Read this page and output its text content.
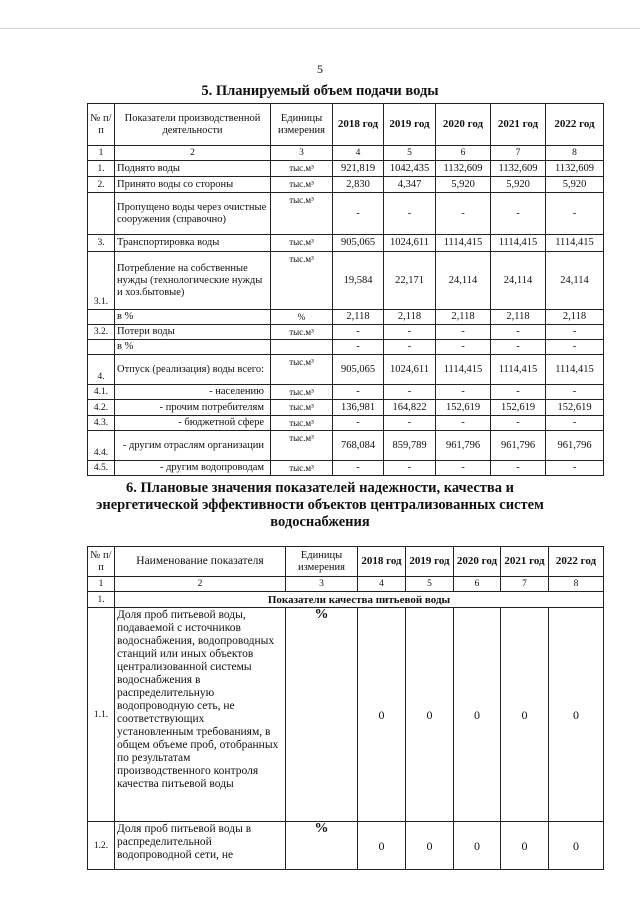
5
5. Планируемый объем подачи воды
№ п/п	Показатели производственной деятельности	Единицы измерения	2018 год	2019 год	2020 год	2021 год	2022 год
1	2	3	4	5	6	7	8
1.	Поднято воды	тыс.м³	921,819	1042,435	1132,609	1132,609	1132,609
2.	Принято воды со стороны	тыс.м³	2,830	4,347	5,920	5,920	5,920
	Пропущено воды через очистные сооружения (справочно)	тыс.м³	-	-	-	-	-
3.	Транспортировка воды	тыс.м³	905,065	1024,611	1114,415	1114,415	1114,415
3.1.	Потребление на собственные нужды (технологические нужды и хоз.бытовые)	тыс.м³	19,584	22,171	24,114	24,114	24,114
	в %	%	2,118	2,118	2,118	2,118	2,118
3.2.	Потери воды	тыс.м³	-	-	-	-	-
	в %		-	-	-	-	-
4.	Отпуск (реализация) воды всего:	тыс.м³	905,065	1024,611	1114,415	1114,415	1114,415
4.1.	- населению	тыс.м³	-	-	-	-	-
4.2.	- прочим потребителям	тыс.м³	136,981	164,822	152,619	152,619	152,619
4.3.	- бюджетной сфере	тыс.м³	-	-	-	-	-
4.4.	- другим отраслям организации	тыс.м³	768,084	859,789	961,796	961,796	961,796
4.5.	- другим водопроводам	тыс.м³	-	-	-	-	-
6. Плановые значения показателей надежности, качества и
энергетической эффективности объектов централизованных систем
водоснабжения
№ п/п	Наименование показателя	Единицы измерения	2018 год	2019 год	2020 год	2021 год	2022 год
1	2	3	4	5	6	7	8
1.	Показатели качества питьевой воды						
1.1.	Доля проб питьевой воды, подаваемой с источников водоснабжения, водопроводных станций или иных объектов централизованной системы водоснабжения в распределительную водопроводную сеть, не соответствующих установленным требованиям, в общем объеме проб, отобранных по результатам производственного контроля качества питьевой воды	%	0	0	0	0	0
1.2.	Доля проб питьевой воды в распределительной водопроводной сети, не	%	0	0	0	0	0
